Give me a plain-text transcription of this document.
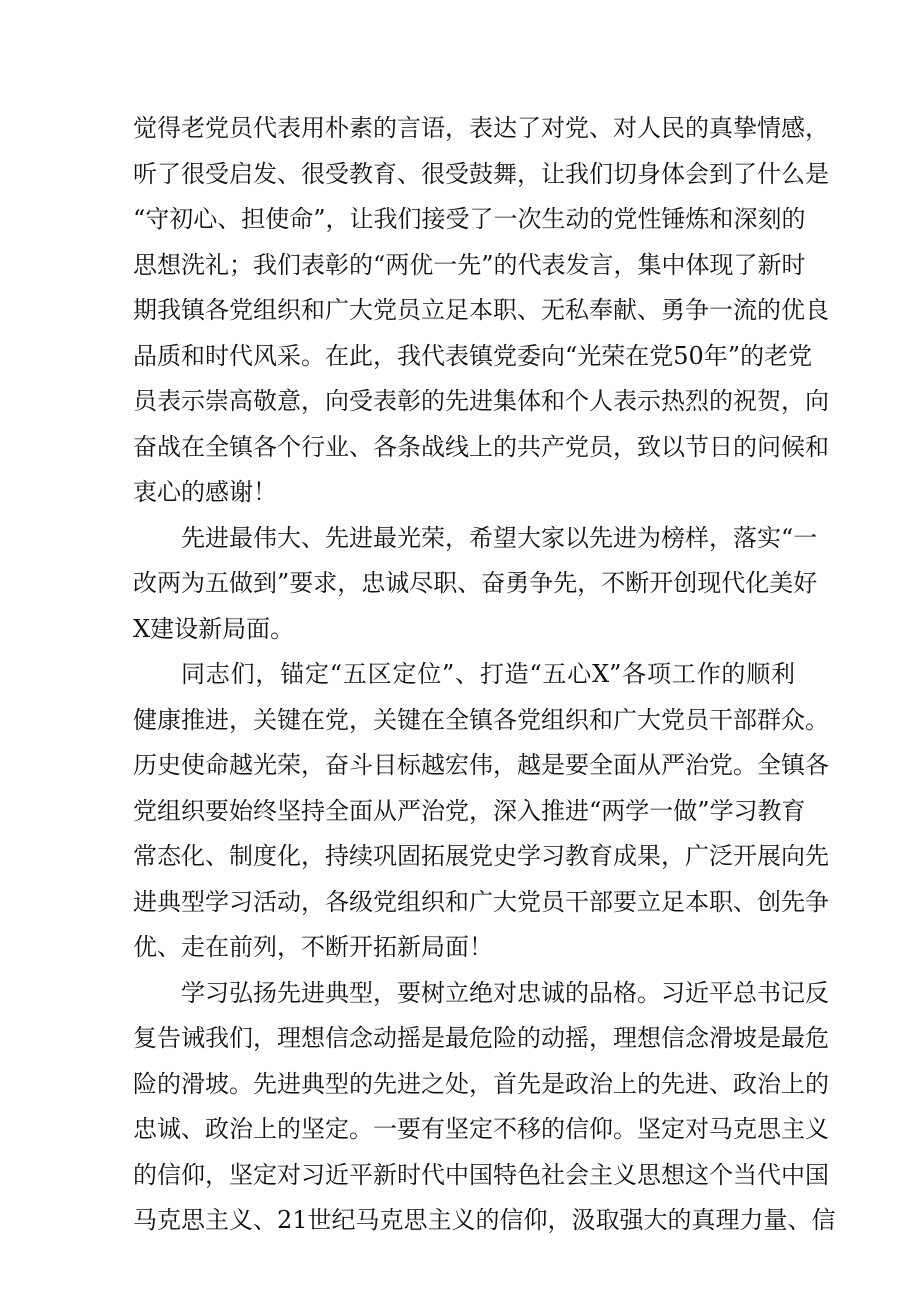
觉得老党员代表用朴素的言语，表达了对党、对人民的真挚情感，
听了很受启发、很受教育、很受鼓舞，让我们切身体会到了什么是
“守初心、担使命”，让我们接受了一次生动的党性锤炼和深刻的
思想洗礼；我们表彰的“两优一先”的代表发言，集中体现了新时
期我镇各党组织和广大党员立足本职、无私奉献、勇争一流的优良
品质和时代风采。在此，我代表镇党委向“光荣在党50年”的老党
员表示崇高敬意，向受表彰的先进集体和个人表示热烈的祝贺，向
奋战在全镇各个行业、各条战线上的共产党员，致以节日的问候和
衷心的感谢！
先进最伟大、先进最光荣，希望大家以先进为榜样，落实“一
改两为五做到”要求，忠诚尽职、奋勇争先，不断开创现代化美好
X建设新局面。
同志们，锚定“五区定位”、打造“五心X”各项工作的顺利
健康推进，关键在党，关键在全镇各党组织和广大党员干部群众。
历史使命越光荣，奋斗目标越宏伟，越是要全面从严治党。全镇各
党组织要始终坚持全面从严治党，深入推进“两学一做”学习教育
常态化、制度化，持续巩固拓展党史学习教育成果，广泛开展向先
进典型学习活动，各级党组织和广大党员干部要立足本职、创先争
优、走在前列，不断开拓新局面！
学习弘扬先进典型，要树立绝对忠诚的品格。习近平总书记反
复告诫我们，理想信念动摇是最危险的动摇，理想信念滑坡是最危
险的滑坡。先进典型的先进之处，首先是政治上的先进、政治上的
忠诚、政治上的坚定。一要有坚定不移的信仰。坚定对马克思主义
的信仰，坚定对习近平新时代中国特色社会主义思想这个当代中国
马克思主义、21世纪马克思主义的信仰，汲取强大的真理力量、信
